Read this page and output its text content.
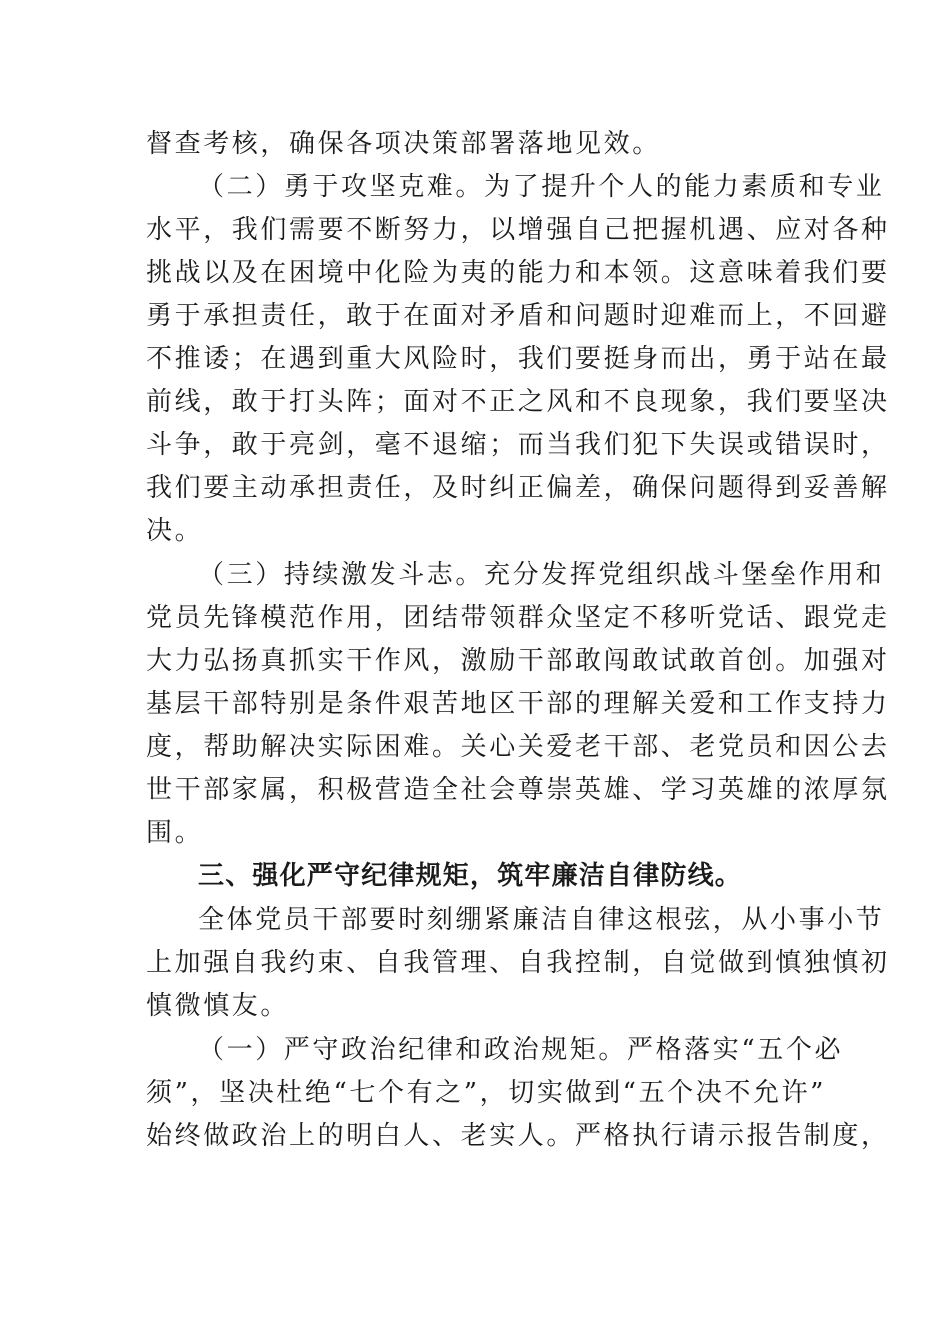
督查考核，确保各项决策部署落地见效。
（二）勇于攻坚克难。为了提升个人的能力素质和专业
水平，我们需要不断努力，以增强自己把握机遇、应对各种
挑战以及在困境中化险为夷的能力和本领。这意味着我们要
勇于承担责任，敢于在面对矛盾和问题时迎难而上，不回避
不推诿；在遇到重大风险时，我们要挺身而出，勇于站在最
前线，敢于打头阵；面对不正之风和不良现象，我们要坚决
斗争，敢于亮剑，毫不退缩；而当我们犯下失误或错误时，
我们要主动承担责任，及时纠正偏差，确保问题得到妥善解
决。
（三）持续激发斗志。充分发挥党组织战斗堡垒作用和
党员先锋模范作用，团结带领群众坚定不移听党话、跟党走
大力弘扬真抓实干作风，激励干部敢闯敢试敢首创。加强对
基层干部特别是条件艰苦地区干部的理解关爱和工作支持力
度，帮助解决实际困难。关心关爱老干部、老党员和因公去
世干部家属，积极营造全社会尊崇英雄、学习英雄的浓厚氛
围。
三、强化严守纪律规矩，筑牢廉洁自律防线。
全体党员干部要时刻绷紧廉洁自律这根弦，从小事小节
上加强自我约束、自我管理、自我控制，自觉做到慎独慎初
慎微慎友。
（一）严守政治纪律和政治规矩。严格落实“五个必
须”，坚决杜绝“七个有之”，切实做到“五个决不允许”
始终做政治上的明白人、老实人。严格执行请示报告制度，
